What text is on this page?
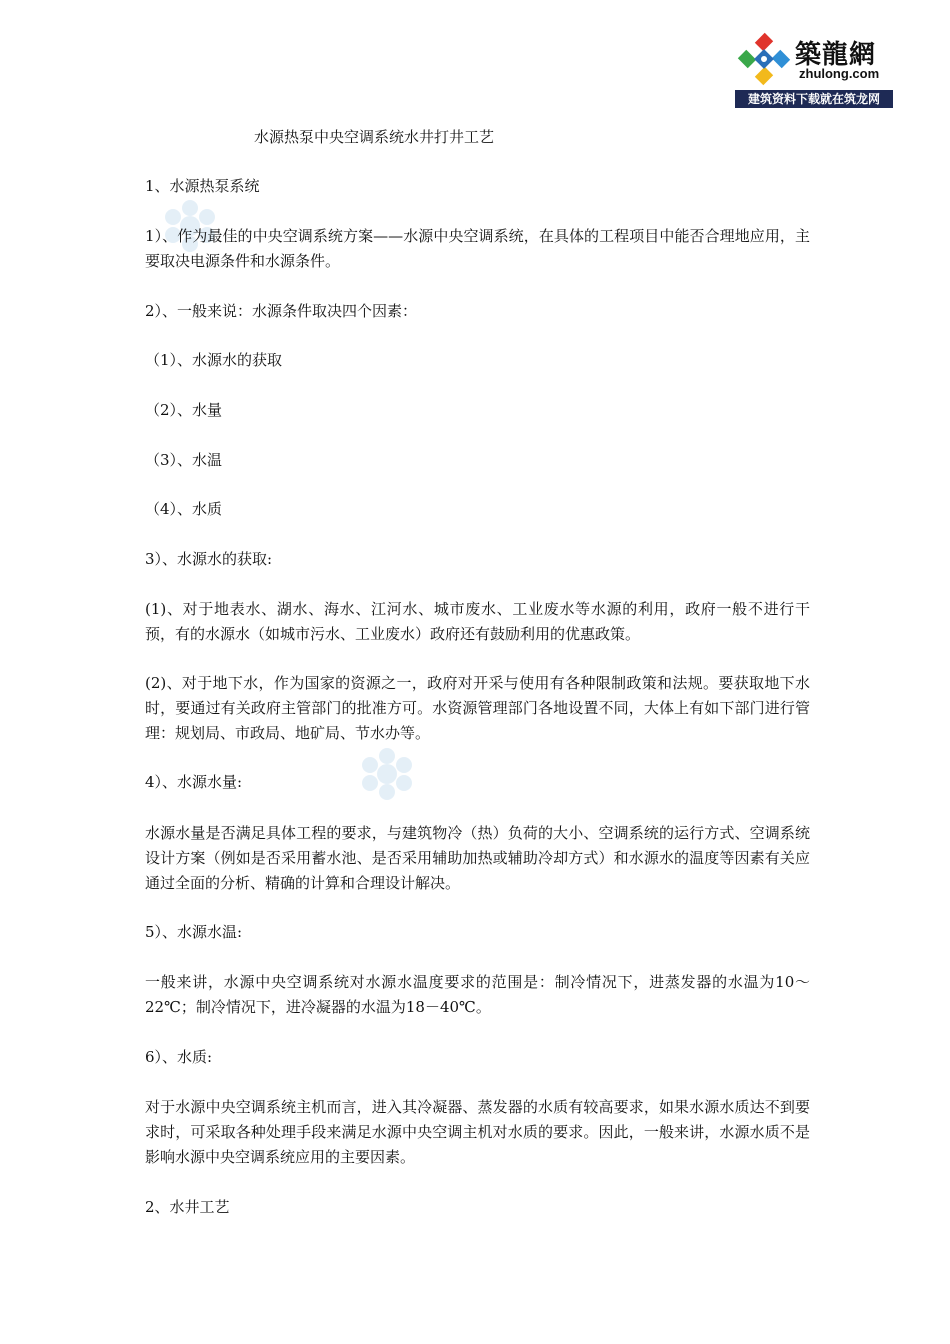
築龍網
zhulong.com
建筑资料下载就在筑龙网
水源热泵中央空调系统水井打井工艺

1、水源热泵系统

1）、作为最佳的中央空调系统方案——水源中央空调系统，在具体的工程项目中能否合理地应用，主要取决电源条件和水源条件。

2）、一般来说：水源条件取决四个因素：

（1）、水源水的获取

（2）、水量

（3）、水温

（4）、水质

3）、水源水的获取:

(1)、对于地表水、湖水、海水、江河水、城市废水、工业废水等水源的利用，政府一般不进行干预，有的水源水（如城市污水、工业废水）政府还有鼓励利用的优惠政策。

(2)、对于地下水，作为国家的资源之一，政府对开采与使用有各种限制政策和法规。要获取地下水时，要通过有关政府主管部门的批准方可。水资源管理部门各地设置不同，大体上有如下部门进行管理：规划局、市政局、地矿局、节水办等。

4）、水源水量:

水源水量是否满足具体工程的要求，与建筑物冷（热）负荷的大小、空调系统的运行方式、空调系统设计方案（例如是否采用蓄水池、是否采用辅助加热或辅助冷却方式）和水源水的温度等因素有关应通过全面的分析、精确的计算和合理设计解决。

5）、水源水温:

一般来讲，水源中央空调系统对水源水温度要求的范围是：制冷情况下，进蒸发器的水温为10～22℃；制冷情况下，进冷凝器的水温为18－40℃。

6）、水质:

对于水源中央空调系统主机而言，进入其冷凝器、蒸发器的水质有较高要求，如果水源水质达不到要求时，可采取各种处理手段来满足水源中央空调主机对水质的要求。因此，一般来讲，水源水质不是影响水源中央空调系统应用的主要因素。

2、水井工艺
